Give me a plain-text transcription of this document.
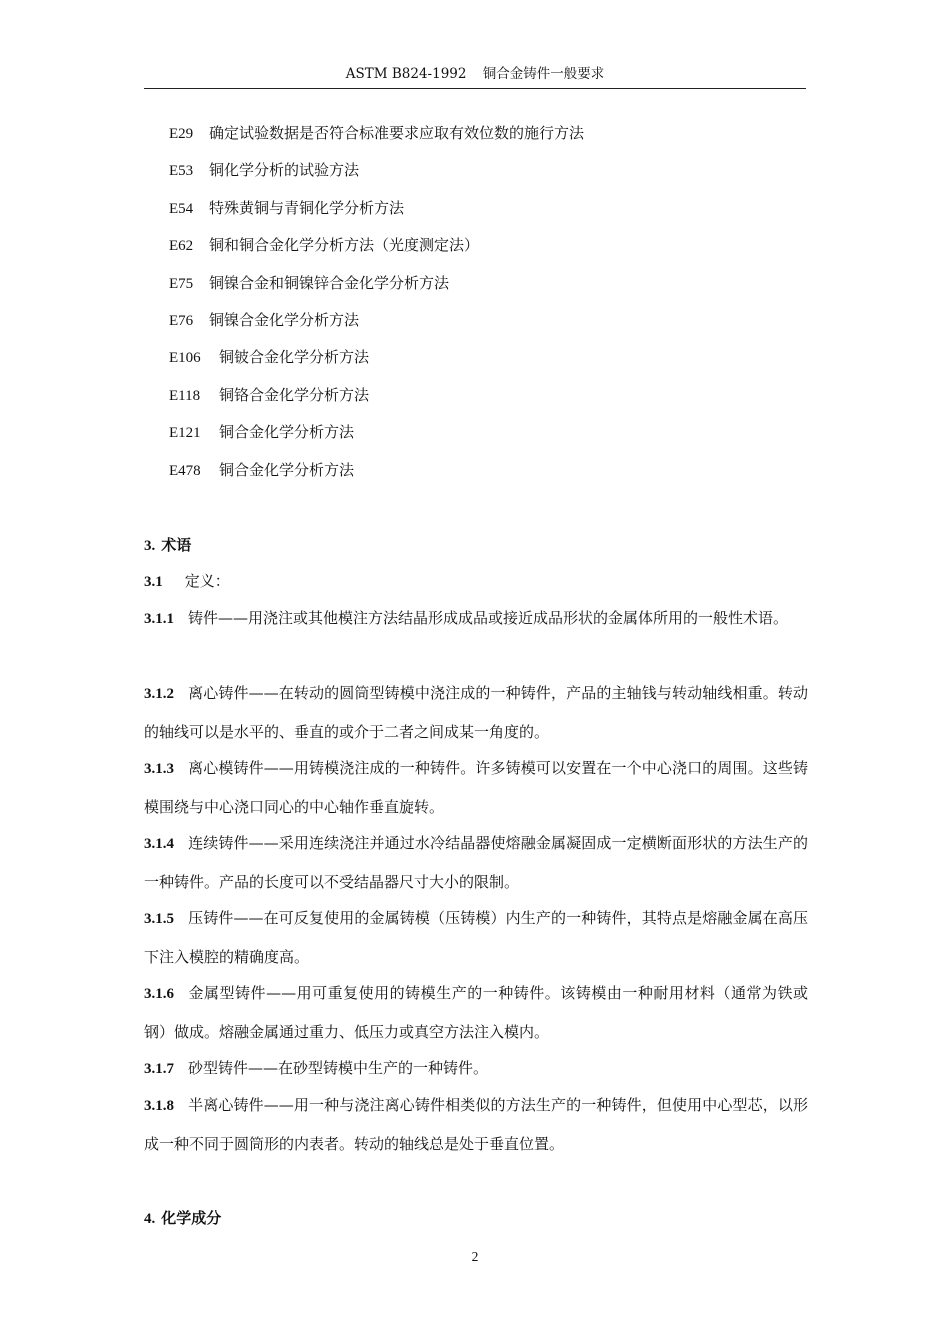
ASTM B824-1992 铜合金铸件一般要求
E29 确定试验数据是否符合标准要求应取有效位数的施行方法
E53 铜化学分析的试验方法
E54 特殊黄铜与青铜化学分析方法
E62 铜和铜合金化学分析方法（光度测定法）
E75 铜镍合金和铜镍锌合金化学分析方法
E76 铜镍合金化学分析方法
E106 铜铍合金化学分析方法
E118 铜铬合金化学分析方法
E121 铜合金化学分析方法
E478 铜合金化学分析方法
3. 术语
3.1 定义：
3.1.1 铸件——用浇注或其他模注方法结晶形成成品或接近成品形状的金属体所用的一般性术语。
3.1.2 离心铸件——在转动的圆筒型铸模中浇注成的一种铸件，产品的主轴钱与转动轴线相重。转动的轴线可以是水平的、垂直的或介于二者之间成某一角度的。
3.1.3 离心模铸件——用铸模浇注成的一种铸件。许多铸模可以安置在一个中心浇口的周围。这些铸模围绕与中心浇口同心的中心轴作垂直旋转。
3.1.4 连续铸件——采用连续浇注并通过水冷结晶器使熔融金属凝固成一定横断面形状的方法生产的一种铸件。产品的长度可以不受结晶器尺寸大小的限制。
3.1.5 压铸件——在可反复使用的金属铸模（压铸模）内生产的一种铸件，其特点是熔融金属在高压下注入模腔的精确度高。
3.1.6 金属型铸件——用可重复使用的铸模生产的一种铸件。该铸模由一种耐用材料（通常为铁或钢）做成。熔融金属通过重力、低压力或真空方法注入模内。
3.1.7 砂型铸件——在砂型铸模中生产的一种铸件。
3.1.8 半离心铸件——用一种与浇注离心铸件相类似的方法生产的一种铸件，但使用中心型芯，以形成一种不同于圆筒形的内表者。转动的轴线总是处于垂直位置。
4. 化学成分
2
